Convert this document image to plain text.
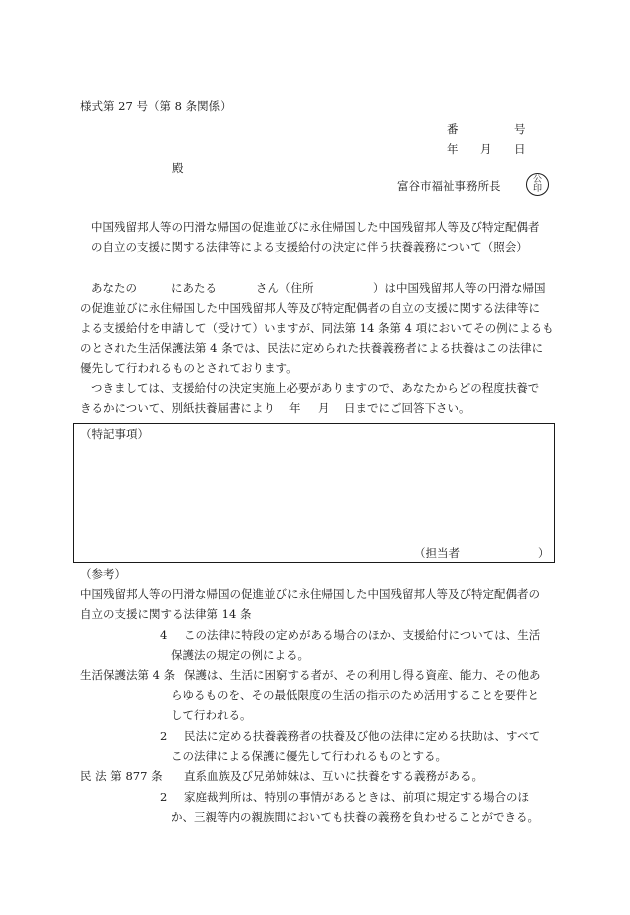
様式第 27 号（第 8 条関係）
番	号
年 月 日
殿
富谷市福祉事務所長	公
印
中国残留邦人等の円滑な帰国の促進並びに永住帰国した中国残留邦人等及び特定配偶者
の自立の支援に関する法律等による支援給付の決定に伴う扶養義務について（照会）
あなたの	にあたる	さん（住所	）は中国残留邦人等の円滑な帰国
の促進並びに永住帰国した中国残留邦人等及び特定配偶者の自立の支援に関する法律等に
よる支援給付を申請して（受けて）いますが、同法第 14 条第 4 項においてその例によるも
のとされた生活保護法第 4 条では、民法に定められた扶養義務者による扶養はこの法律に
優先して行われるものとされております。
つきましては、支援給付の決定実施上必要がありますので、あなたからどの程度扶養で
きるかについて、別紙扶養届書により 年 月 日までにご回答下さい。
（特記事項）
（担当者	）
（参考）
中国残留邦人等の円滑な帰国の促進並びに永住帰国した中国残留邦人等及び特定配偶者の
自立の支援に関する法律第 14 条
4 この法律に特段の定めがある場合のほか、支援給付については、生活
保護法の規定の例による。
生活保護法第 4 条 保護は、生活に困窮する者が、その利用し得る資産、能力、その他あ
らゆるものを、その最低限度の生活の指示のため活用することを要件と
して行われる。
2 民法に定める扶養義務者の扶養及び他の法律に定める扶助は、すべて
この法律による保護に優先して行われるものとする。
民 法 第 877 条 直系血族及び兄弟姉妹は、互いに扶養をする義務がある。
2 家庭裁判所は、特別の事情があるときは、前項に規定する場合のほ
か、三親等内の親族間においても扶養の義務を負わせることができる。
